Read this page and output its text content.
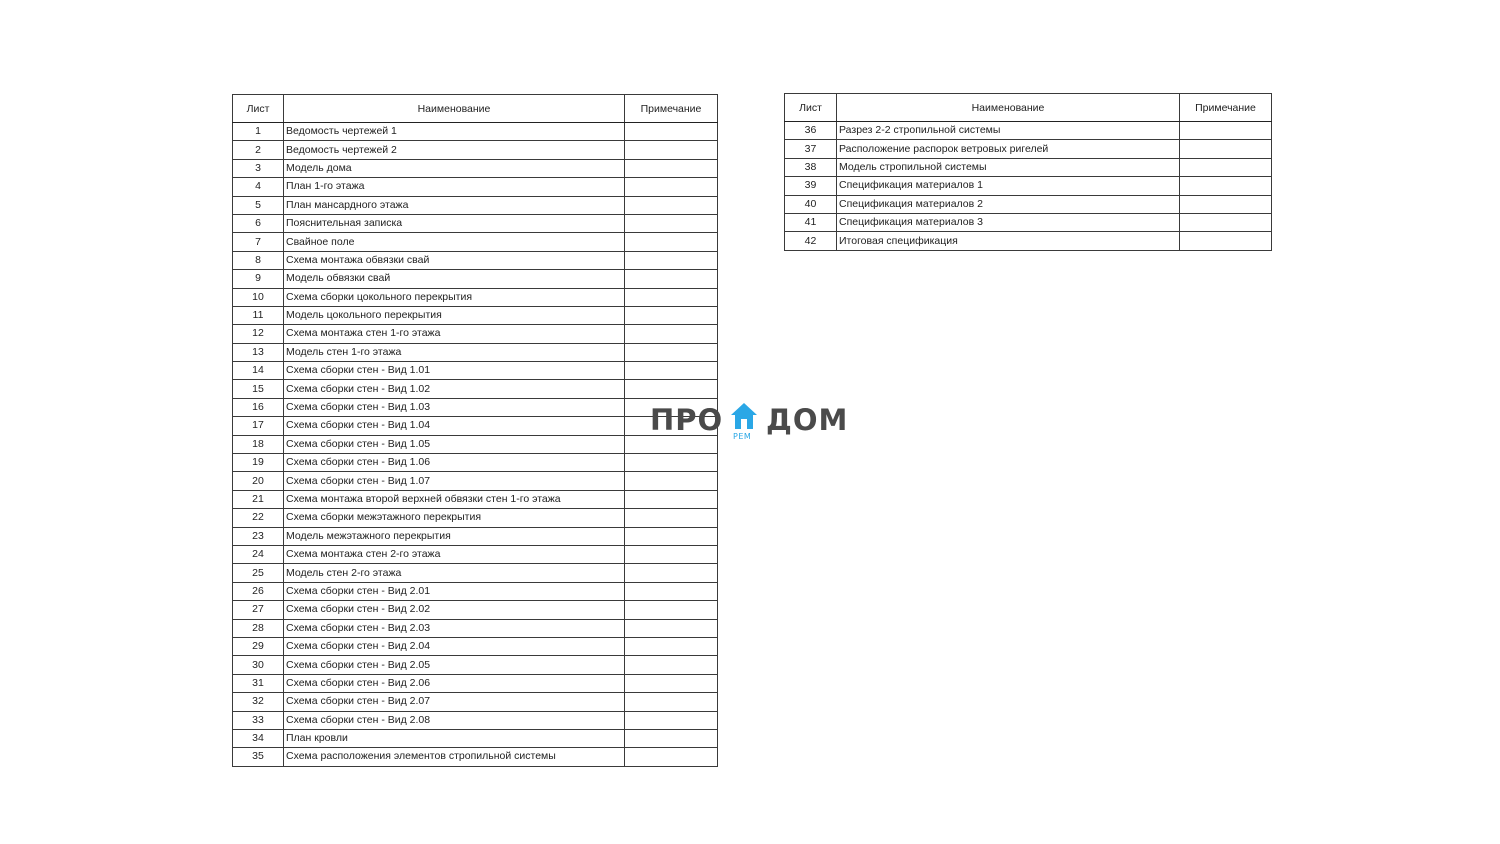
Лист	Наименование	Примечание
1	Ведомость чертежей 1	
2	Ведомость чертежей 2	
3	Модель дома	
4	План 1-го этажа	
5	План мансардного этажа	
6	Пояснительная записка	
7	Свайное поле	
8	Схема монтажа обвязки свай	
9	Модель обвязки свай	
10	Схема сборки цокольного перекрытия	
11	Модель цокольного перекрытия	
12	Схема монтажа стен 1-го этажа	
13	Модель стен 1-го этажа	
14	Схема сборки стен - Вид 1.01	
15	Схема сборки стен - Вид 1.02	
16	Схема сборки стен - Вид 1.03	
17	Схема сборки стен - Вид 1.04	
18	Схема сборки стен - Вид 1.05	
19	Схема сборки стен - Вид 1.06	
20	Схема сборки стен - Вид 1.07	
21	Схема монтажа второй верхней обвязки стен 1-го этажа	
22	Схема сборки межэтажного перекрытия	
23	Модель межэтажного перекрытия	
24	Схема монтажа стен 2-го этажа	
25	Модель стен 2-го этажа	
26	Схема сборки стен - Вид 2.01	
27	Схема сборки стен - Вид 2.02	
28	Схема сборки стен - Вид 2.03	
29	Схема сборки стен - Вид 2.04	
30	Схема сборки стен - Вид 2.05	
31	Схема сборки стен - Вид 2.06	
32	Схема сборки стен - Вид 2.07	
33	Схема сборки стен - Вид 2.08	
34	План кровли	
35	Схема расположения элементов стропильной системы	
Лист	Наименование	Примечание
36	Разрез 2-2 стропильной системы	
37	Расположение распорок ветровых ригелей	
38	Модель стропильной системы	
39	Спецификация материалов 1	
40	Спецификация материалов 2	
41	Спецификация материалов 3	
42	Итоговая спецификация	
ПРО РЕМ ДОМ
